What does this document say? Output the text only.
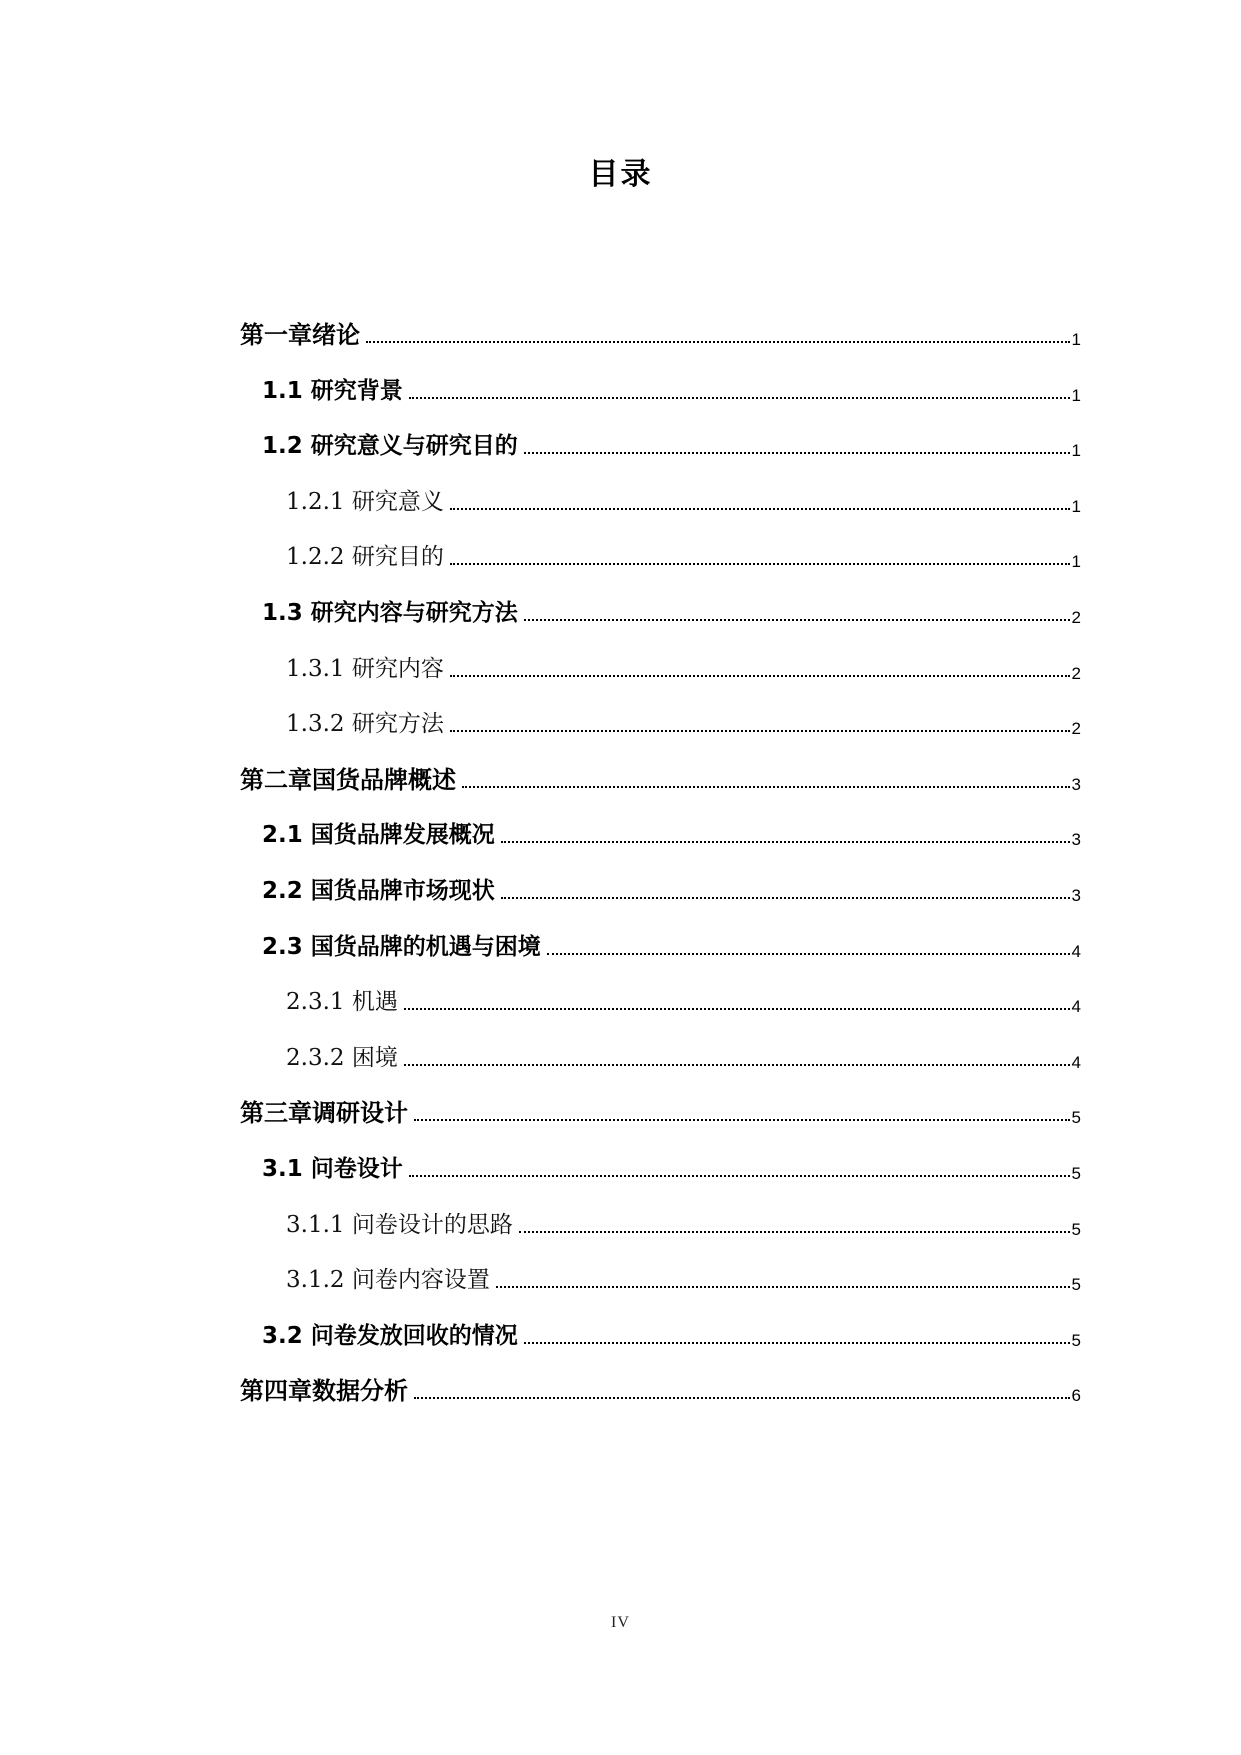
目录
第一章绪论	1
1.1 研究背景	1
1.2 研究意义与研究目的	1
1.2.1 研究意义	1
1.2.2 研究目的	1
1.3 研究内容与研究方法	2
1.3.1 研究内容	2
1.3.2 研究方法	2
第二章国货品牌概述	3
2.1 国货品牌发展概况	3
2.2 国货品牌市场现状	3
2.3 国货品牌的机遇与困境	4
2.3.1 机遇	4
2.3.2 困境	4
第三章调研设计	5
3.1 问卷设计	5
3.1.1 问卷设计的思路	5
3.1.2 问卷内容设置	5
3.2 问卷发放回收的情况	5
第四章数据分析	6
IV
